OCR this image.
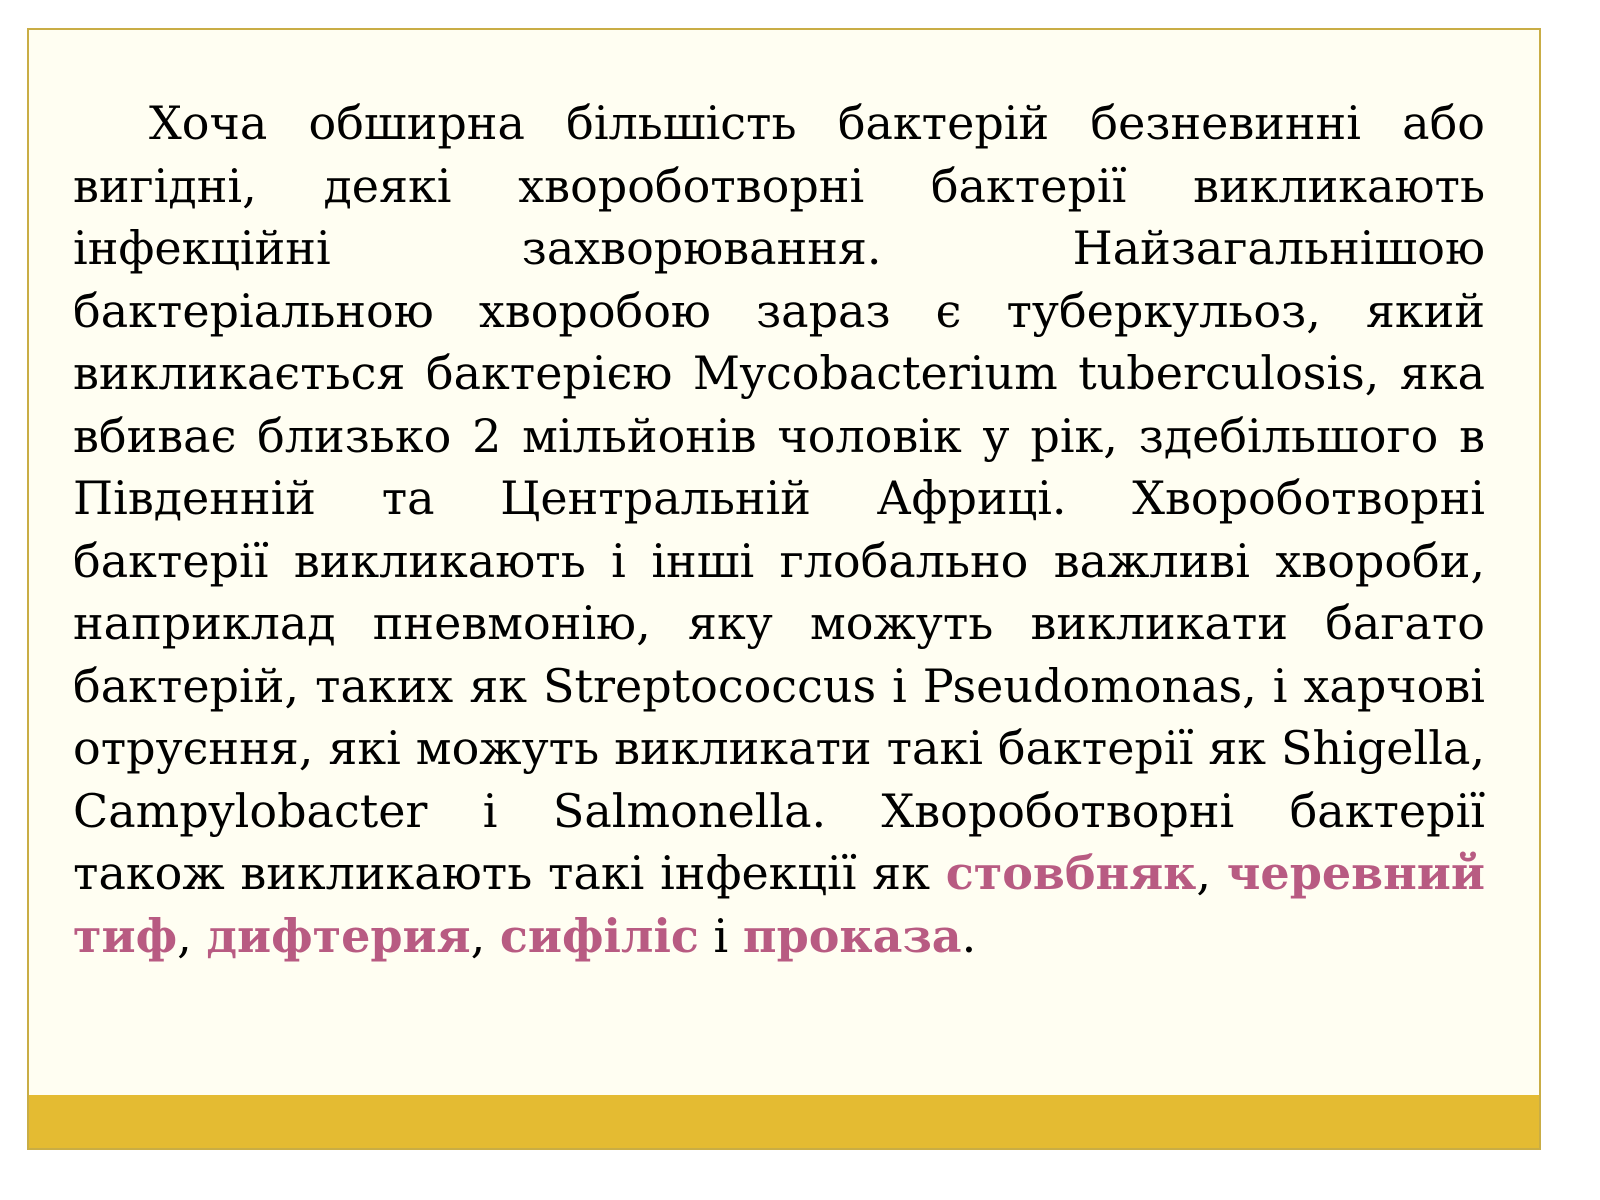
Хоча обширна більшість бактерій безневинні або вигідні, деякі хвороботворні бактерії викликають інфекційні захворювання. Найзагальнішою бактеріальною хворобою зараз є туберкульоз, який викликається бактерією Mycobacterium tuberculosis, яка вбиває близько 2 мільйонів чоловік у рік, здебільшого в Південній та Центральній Африці. Хвороботворні бактерії викликають і інші глобально важливі хвороби, наприклад пневмонію, яку можуть викликати багато бактерій, таких як Streptococcus і Pseudomonas, і харчові отруєння, які можуть викликати такі бактерії як Shigella, Campylobacter і Salmonella. Хвороботворні бактерії також викликають такі інфекції як стовбняк, черевний тиф, дифтерия, сифіліс і проказа.
